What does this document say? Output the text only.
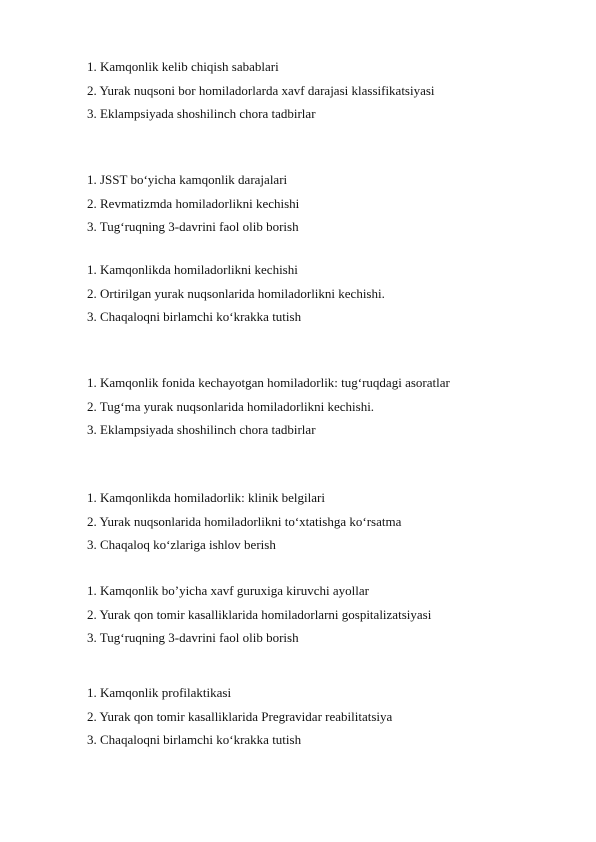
1. Kamqonlik kelib chiqish sabablari
2. Yurak nuqsoni bor homiladorlarda xavf darajasi klassifikatsiyasi
3. Eklampsiyada shoshilinch chora tadbirlar
1. JSST bo‘yicha kamqonlik darajalari
2. Revmatizmda homiladorlikni kechishi
3. Tug‘ruqning 3-davrini faol olib borish
1. Kamqonlikda homiladorlikni kechishi
2. Ortirilgan yurak nuqsonlarida homiladorlikni kechishi.
3. Chaqaloqni birlamchi ko‘krakka tutish
1. Kamqonlik fonida kechayotgan homiladorlik: tug‘ruqdagi asoratlar
2. Tug‘ma yurak nuqsonlarida homiladorlikni kechishi.
3. Eklampsiyada shoshilinch chora tadbirlar
1. Kamqonlikda homiladorlik: klinik belgilari
2. Yurak nuqsonlarida homiladorlikni to‘xtatishga ko‘rsatma
3. Chaqaloq ko‘zlariga ishlov berish
1. Kamqonlik bo’yicha xavf guruxiga kiruvchi ayollar
2. Yurak qon tomir kasalliklarida homiladorlarni gospitalizatsiyasi
3. Tug‘ruqning 3-davrini faol olib borish
1. Kamqonlik profilaktikasi
2. Yurak qon tomir kasalliklarida Pregravidar reabilitatsiya
3. Chaqaloqni birlamchi ko‘krakka tutish
